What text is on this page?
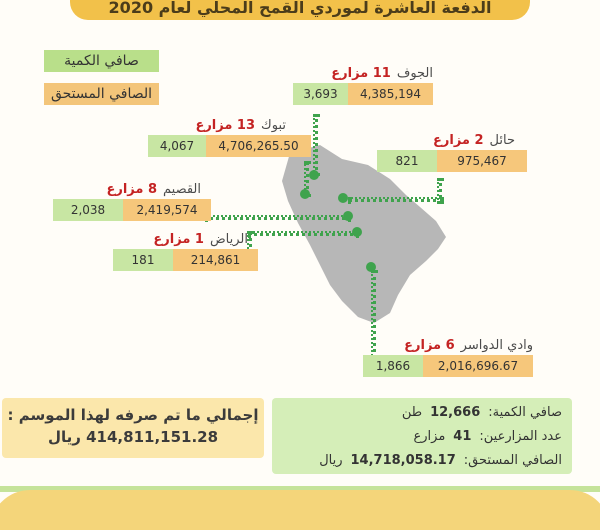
الدفعة العاشرة لموردي القمح المحلي لعام 2020
صافي الكمية
الصافي المستحق
الجوف
11 مزارع
4,385,194
3,693
تبوك
13 مزارع
4,706,265.50
4,067	حائل
2 مزارع
975,467
821
القصيم
8 مزارع
2,419,574
2,038
الرياض
1 مزارع
214,861
181
وادي الدواسر
6 مزارع
2,016,696.67
1,866
إجمالي ما تم صرفه لهذا الموسم :
414,811,151.28 ريال
صافي الكمية:
12,666
طن
عدد المزارعين:
41
مزارع
الصافي المستحق:
14,718,058.17
ريال
